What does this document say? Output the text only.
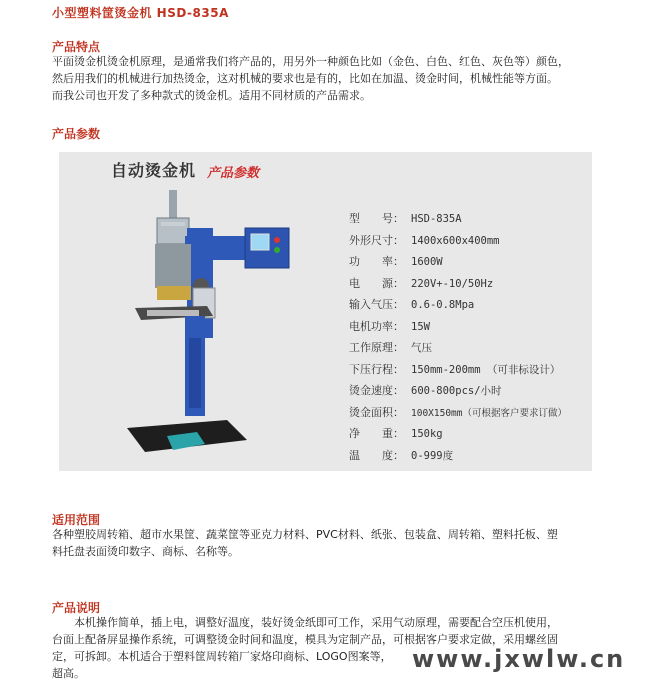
小型塑料筐烫金机 HSD-835A
产品特点
平面烫金机烫金机原理，是通常我们将产品的，用另外一种颜色比如（金色、白色、红色、灰色等）颜色，
然后用我们的机械进行加热烫金，这对机械的要求也是有的，比如在加温、烫金时间，机械性能等方面。
而我公司也开发了多种款式的烫金机。适用不同材质的产品需求。
产品参数
自动烫金机 产品参数
型　　号： HSD-835A
外形尺寸： 1400x600x400mm
功　　率： 1600W
电　　源： 220V+-10/50Hz
输入气压： 0.6-0.8Mpa
电机功率： 15W
工作原理： 气压
下压行程： 150mm-200mm （可非标设计）
烫金速度： 600-800pcs/小时
烫金面积： 100X150mm（可根据客户要求订做）
净　　重： 150kg
温　　度： 0-999度
适用范围
各种塑胶周转箱、超市水果筐、蔬菜筐等亚克力材料、PVC材料、纸张、包装盒、周转箱、塑料托板、塑
料托盘表面烫印数字、商标、名称等。
产品说明
　　本机操作简单，插上电，调整好温度，装好烫金纸即可工作，采用气动原理，需要配合空压机使用，
台面上配备屏显操作系统，可调整烫金时间和温度，模具为定制产品，可根据客户要求定做，采用螺丝固
定，可拆卸。本机适合于塑料筐周转箱厂家烙印商标、LOGO图案等，
超高。
www.jxwlw.cn
